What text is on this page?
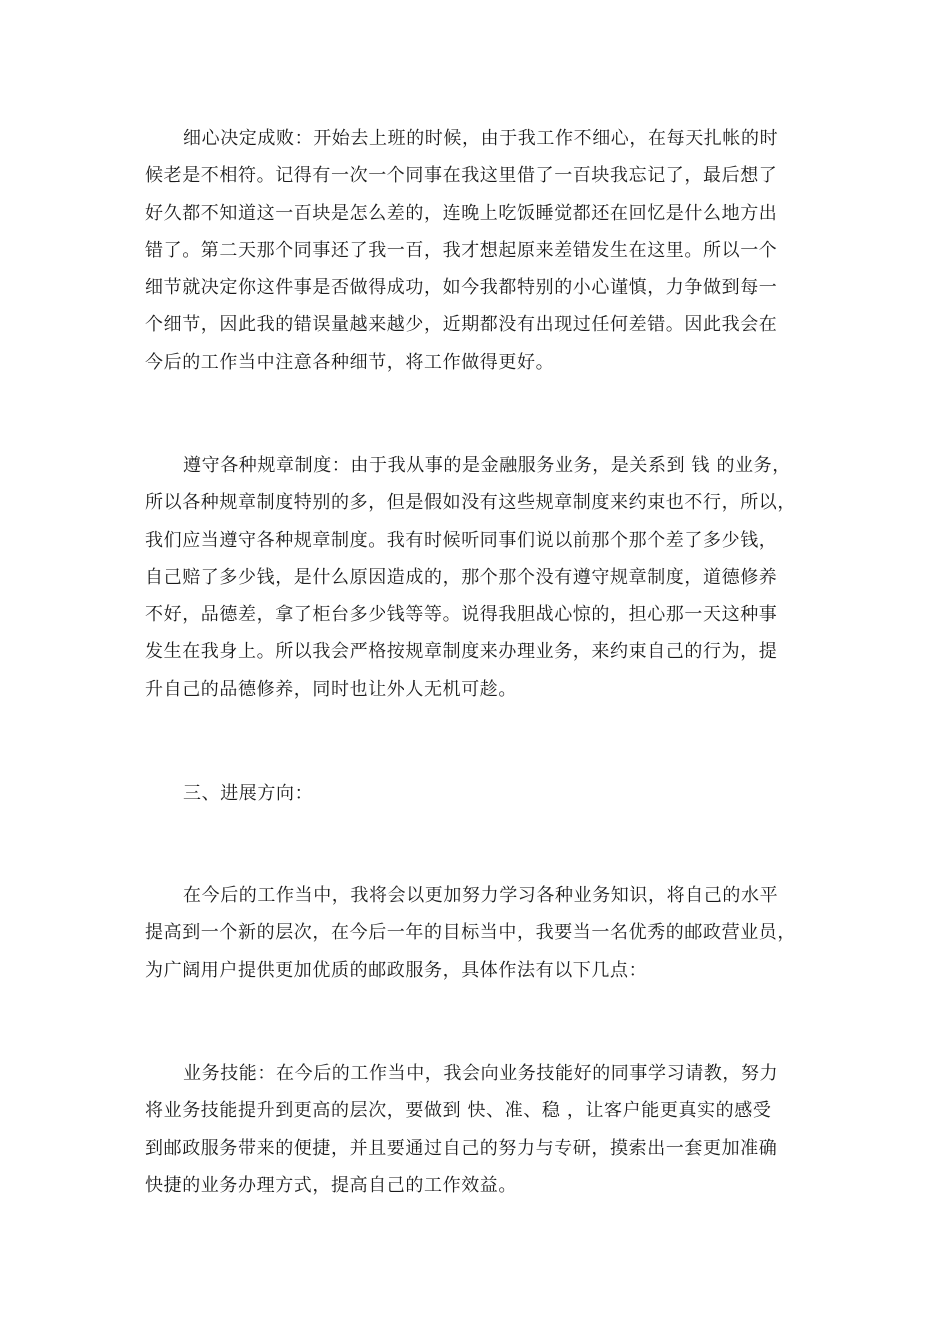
细心决定成败：开始去上班的时候，由于我工作不细心，在每天扎帐的时
候老是不相符。记得有一次一个同事在我这里借了一百块我忘记了，最后想了
好久都不知道这一百块是怎么差的，连晚上吃饭睡觉都还在回忆是什么地方出
错了。第二天那个同事还了我一百，我才想起原来差错发生在这里。所以一个
细节就决定你这件事是否做得成功，如今我都特别的小心谨慎，力争做到每一
个细节，因此我的错误量越来越少，近期都没有出现过任何差错。因此我会在
今后的工作当中注意各种细节，将工作做得更好。

遵守各种规章制度：由于我从事的是金融服务业务，是关系到 钱 的业务，
所以各种规章制度特别的多，但是假如没有这些规章制度来约束也不行，所以，
我们应当遵守各种规章制度。我有时候听同事们说以前那个那个差了多少钱，
自己赔了多少钱，是什么原因造成的，那个那个没有遵守规章制度，道德修养
不好，品德差，拿了柜台多少钱等等。说得我胆战心惊的，担心那一天这种事
发生在我身上。所以我会严格按规章制度来办理业务，来约束自己的行为，提
升自己的品德修养，同时也让外人无机可趁。

三、进展方向：

在今后的工作当中，我将会以更加努力学习各种业务知识，将自己的水平
提高到一个新的层次，在今后一年的目标当中，我要当一名优秀的邮政营业员，
为广阔用户提供更加优质的邮政服务，具体作法有以下几点：

业务技能：在今后的工作当中，我会向业务技能好的同事学习请教，努力
将业务技能提升到更高的层次，要做到 快、准、稳 ，让客户能更真实的感受
到邮政服务带来的便捷，并且要通过自己的努力与专研，摸索出一套更加准确
快捷的业务办理方式，提高自己的工作效益。
